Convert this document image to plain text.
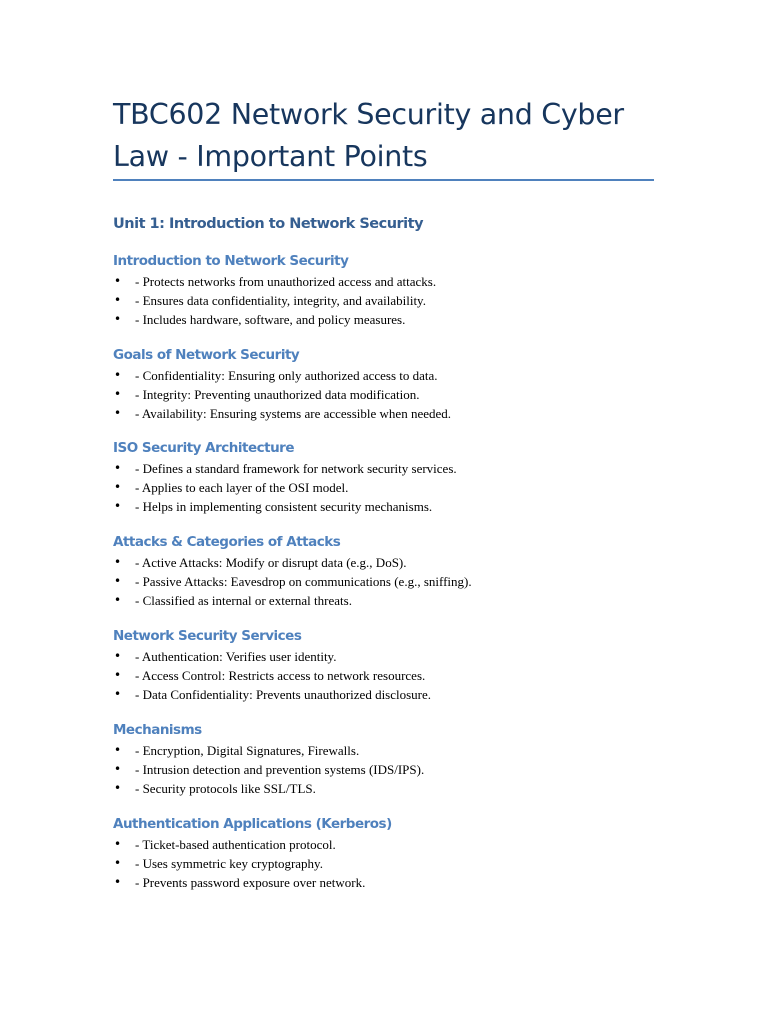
TBC602 Network Security and Cyber Law - Important Points
Unit 1: Introduction to Network Security
Introduction to Network Security
• - Protects networks from unauthorized access and attacks.
• - Ensures data confidentiality, integrity, and availability.
• - Includes hardware, software, and policy measures.
Goals of Network Security
• - Confidentiality: Ensuring only authorized access to data.
• - Integrity: Preventing unauthorized data modification.
• - Availability: Ensuring systems are accessible when needed.
ISO Security Architecture
• - Defines a standard framework for network security services.
• - Applies to each layer of the OSI model.
• - Helps in implementing consistent security mechanisms.
Attacks & Categories of Attacks
• - Active Attacks: Modify or disrupt data (e.g., DoS).
• - Passive Attacks: Eavesdrop on communications (e.g., sniffing).
• - Classified as internal or external threats.
Network Security Services
• - Authentication: Verifies user identity.
• - Access Control: Restricts access to network resources.
• - Data Confidentiality: Prevents unauthorized disclosure.
Mechanisms
• - Encryption, Digital Signatures, Firewalls.
• - Intrusion detection and prevention systems (IDS/IPS).
• - Security protocols like SSL/TLS.
Authentication Applications (Kerberos)
• - Ticket-based authentication protocol.
• - Uses symmetric key cryptography.
• - Prevents password exposure over network.
